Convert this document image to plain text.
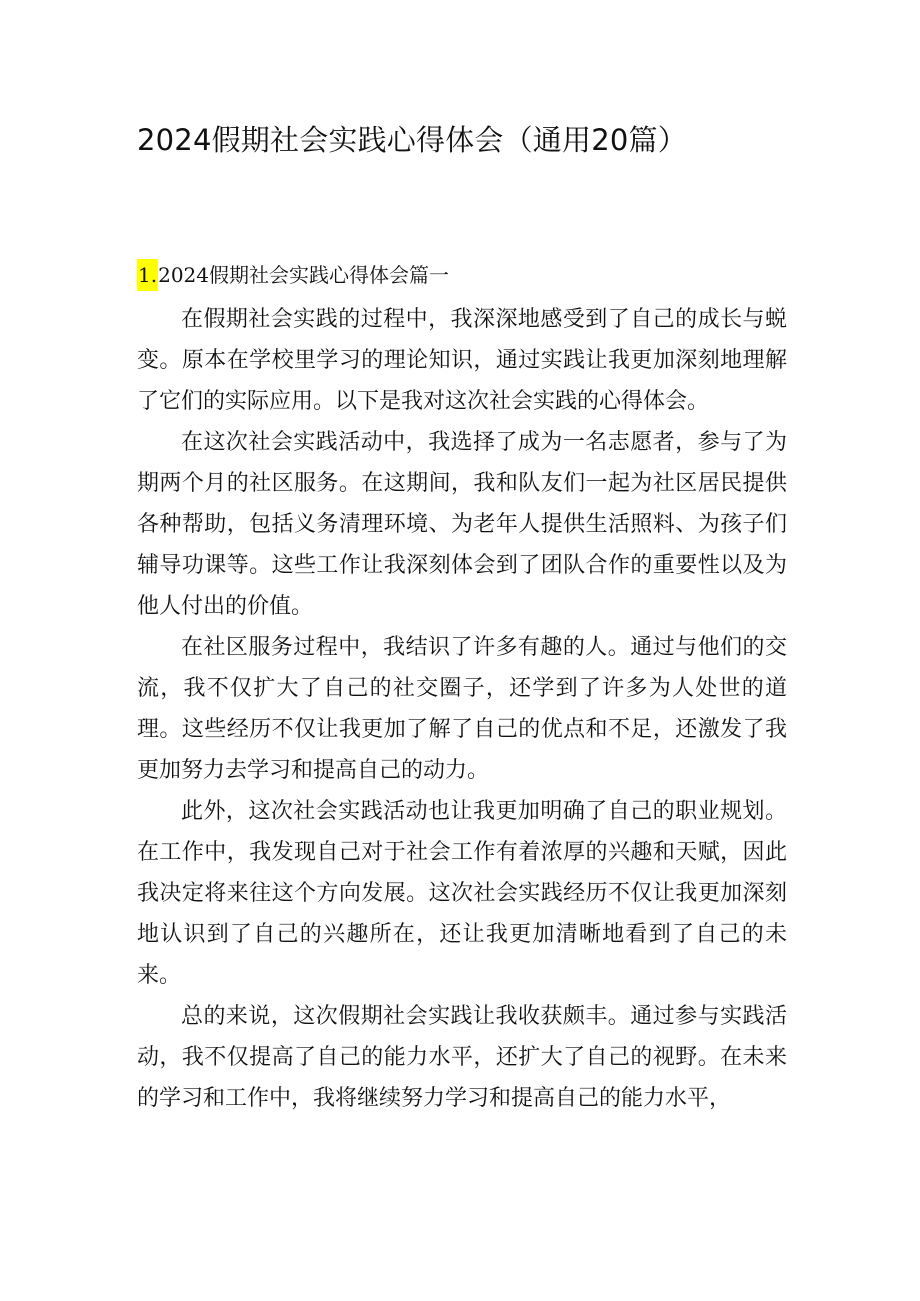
2024假期社会实践心得体会（通用20篇）
1.2024假期社会实践心得体会篇一

在假期社会实践的过程中，我深深地感受到了自己的成长与蜕变。原本在学校里学习的理论知识，通过实践让我更加深刻地理解了它们的实际应用。以下是我对这次社会实践的心得体会。

在这次社会实践活动中，我选择了成为一名志愿者，参与了为期两个月的社区服务。在这期间，我和队友们一起为社区居民提供各种帮助，包括义务清理环境、为老年人提供生活照料、为孩子们辅导功课等。这些工作让我深刻体会到了团队合作的重要性以及为他人付出的价值。

在社区服务过程中，我结识了许多有趣的人。通过与他们的交流，我不仅扩大了自己的社交圈子，还学到了许多为人处世的道理。这些经历不仅让我更加了解了自己的优点和不足，还激发了我更加努力去学习和提高自己的动力。

此外，这次社会实践活动也让我更加明确了自己的职业规划。在工作中，我发现自己对于社会工作有着浓厚的兴趣和天赋，因此我决定将来往这个方向发展。这次社会实践经历不仅让我更加深刻地认识到了自己的兴趣所在，还让我更加清晰地看到了自己的未来。

总的来说，这次假期社会实践让我收获颇丰。通过参与实践活动，我不仅提高了自己的能力水平，还扩大了自己的视野。在未来的学习和工作中，我将继续努力学习和提高自己的能力水平，
